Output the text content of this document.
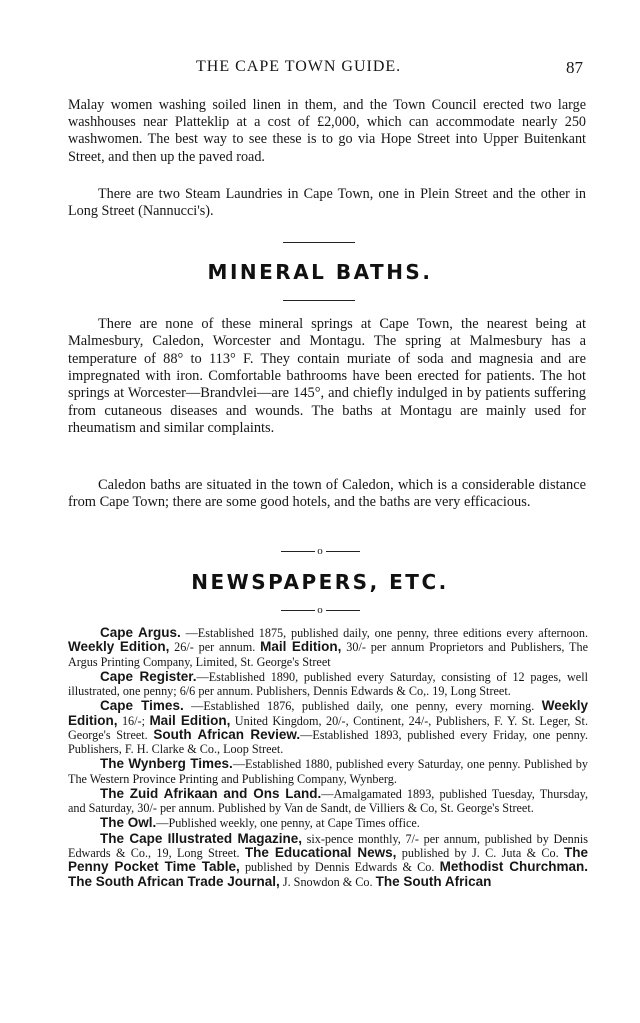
THE CAPE TOWN GUIDE.	87

Malay women washing soiled linen in them, and the Town Council erected two large washhouses near Platteklip at a cost of £2,000, which can accommodate nearly 250 washwomen. The best way to see these is to go via Hope Street into Upper Buitenkant Street, and then up the paved road.

There are two Steam Laundries in Cape Town, one in Plein Street and the other in Long Street (Nannucci's).

MINERAL BATHS.

There are none of these mineral springs at Cape Town, the nearest being at Malmesbury, Caledon, Worcester and Montagu. The spring at Malmesbury has a temperature of 88° to 113° F. They contain muriate of soda and magnesia and are impregnated with iron. Comfortable bathrooms have been erected for patients. The hot springs at Worcester—Brandvlei—are 145°, and chiefly indulged in by patients suffering from cutaneous diseases and wounds. The baths at Montagu are mainly used for rheumatism and similar complaints.

Caledon baths are situated in the town of Caledon, which is a considerable distance from Cape Town; there are some good hotels, and the baths are very efficacious.

o
NEWSPAPERS, ETC.
o

Cape Argus. —Established 1875, published daily, one penny, three editions every afternoon. Weekly Edition, 26/- per annum. Mail Edition, 30/- per annum Proprietors and Publishers, The Argus Printing Company, Limited, St. George's Street

Cape Register.—Established 1890, published every Saturday, consisting of 12 pages, well illustrated, one penny; 6/6 per annum. Publishers, Dennis Edwards & Co,. 19, Long Street.

Cape Times. —Established 1876, published daily, one penny, every morning. Weekly Edition, 16/-; Mail Edition, United Kingdom, 20/-, Continent, 24/-, Publishers, F. Y. St. Leger, St. George's Street. South African Review.—Established 1893, published every Friday, one penny. Publishers, F. H. Clarke & Co., Loop Street.

The Wynberg Times.—Established 1880, published every Saturday, one penny. Published by The Western Province Printing and Publishing Company, Wynberg.

The Zuid Afrikaan and Ons Land.—Amalgamated 1893, published Tuesday, Thursday, and Saturday, 30/- per annum. Published by Van de Sandt, de Villiers & Co, St. George's Street.

The Owl.—Published weekly, one penny, at Cape Times office.

The Cape Illustrated Magazine, six-pence monthly, 7/- per annum, published by Dennis Edwards & Co., 19, Long Street. The Educational News, published by J. C. Juta & Co. The Penny Pocket Time Table, published by Dennis Edwards & Co. Methodist Churchman. The South African Trade Journal, J. Snowdon & Co. The South African
